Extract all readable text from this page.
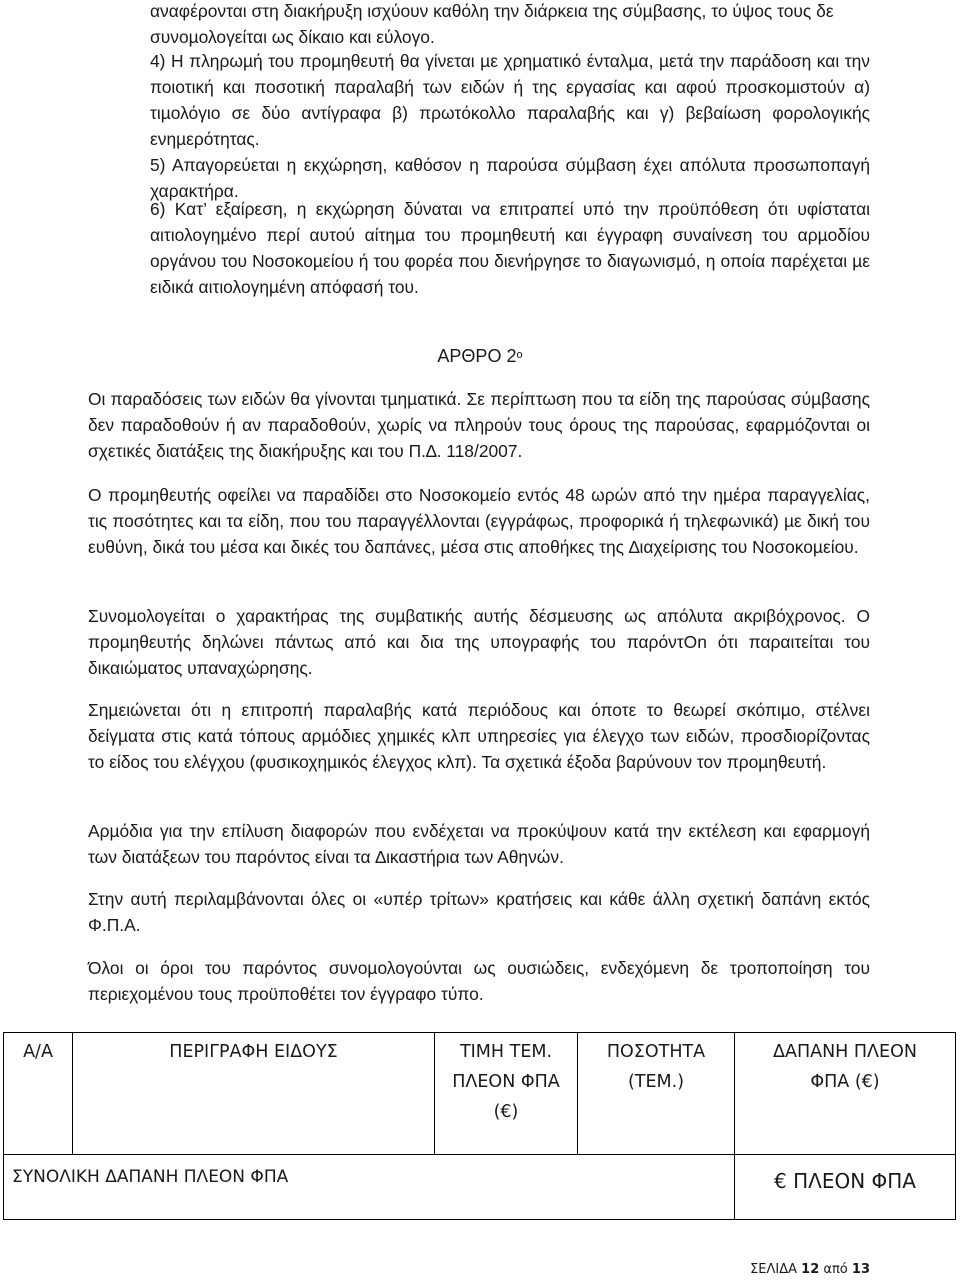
αναφέρονται στη διακήρυξη ισχύουν καθόλη την διάρκεια της σύµβασης, το ύψος τους δε συνοµολογείται ως δίκαιο και εύλογο.

4) Η πληρωµή του προµηθευτή θα γίνεται µε χρηµατικό ένταλµα, µετά την παράδοση και την ποιοτική και ποσοτική παραλαβή των ειδών ή της εργασίας και αφού προσκοµιστούν α) τιµολόγιο σε δύο αντίγραφα β) πρωτόκολλο παραλαβής και γ) βεβαίωση φορολογικής ενηµερότητας.

5) Απαγορεύεται η εκχώρηση, καθόσον η παρούσα σύµβαση έχει απόλυτα προσωποπαγή χαρακτήρα.

6) Κατ’ εξαίρεση, η εκχώρηση δύναται να επιτραπεί υπό την προϋπόθεση ότι υφίσταται αιτιολογηµένο περί αυτού αίτηµα του προµηθευτή και έγγραφη συναίνεση του αρµοδίου οργάνου του Νοσοκοµείου ή του φορέα που διενήργησε το διαγωνισµό, η οποία παρέχεται µε ειδικά αιτιολογηµένη απόφασή του.

ΑΡΘΡΟ $2^o$

Οι παραδόσεις των ειδών θα γίνονται τµηµατικά. Σε περίπτωση που τα είδη της παρούσας σύµβασης δεν παραδοθούν ή αν παραδοθούν, χωρίς να πληρούν τους όρους της παρούσας, εφαρµόζονται οι σχετικές διατάξεις της διακήρυξης και του Π.∆. 118/2007.

Ο προµηθευτής οφείλει να παραδίδει στο Νοσοκοµείο εντός 48 ωρών από την ηµέρα παραγγελίας, τις ποσότητες και τα είδη, που του παραγγέλλονται (εγγράφως, προφορικά ή τηλεφωνικά) µε δική του ευθύνη, δικά του µέσα και δικές του δαπάνες, µέσα στις αποθήκες της ∆ιαχείρισης του Νοσοκοµείου.

Συνοµολογείται ο χαρακτήρας της συµβατικής αυτής δέσµευσης ως απόλυτα ακριβόχρονος. Ο προµηθευτής δηλώνει πάντως από και δια της υπογραφής του παρόντOn ότι παραιτείται του δικαιώµατος υπαναχώρησης.

Σηµειώνεται ότι η επιτροπή παραλαβής κατά περιόδους και όποτε το θεωρεί σκόπιµο, στέλνει δείγµατα στις κατά τόπους αρµόδιες χηµικές κλπ υπηρεσίες για έλεγχο των ειδών, προσδιορίζοντας το είδος του ελέγχου (φυσικοχηµικός έλεγχος κλπ). Τα σχετικά έξοδα βαρύνουν τον προµηθευτή.

Αρµόδια για την επίλυση διαφορών που ενδέχεται να προκύψουν κατά την εκτέλεση και εφαρµογή των διατάξεων του παρόντος είναι τα ∆ικαστήρια των Αθηνών.

Στην αυτή περιλαµβάνονται όλες οι «υπέρ τρίτων» κρατήσεις και κάθε άλλη σχετική δαπάνη εκτός Φ.Π.Α.

Όλοι οι όροι του παρόντος συνοµολογούνται ως ουσιώδεις, ενδεχόµενη δε τροποποίηση του περιεχοµένου τους προϋποθέτει τον έγγραφο τύπο.

Α/Α	ΠΕΡΙΓΡΑΦΗ ΕΙΔΟΥΣ	ΤΙΜΗ ΤΕΜ.
ΠΛΕΟΝ ΦΠΑ
(€)	ΠΟΣΟΤΗΤΑ
(ΤΕΜ.)	ΔΑΠΑΝΗ ΠΛΕΟΝ
ΦΠΑ (€)

ΣΥΝΟΛΙΚΗ ΔΑΠΑΝΗ ΠΛΕΟΝ ΦΠΑ				€ ΠΛΕΟΝ ΦΠΑ
ΣΕΛΙΔΑ 12 από 13
